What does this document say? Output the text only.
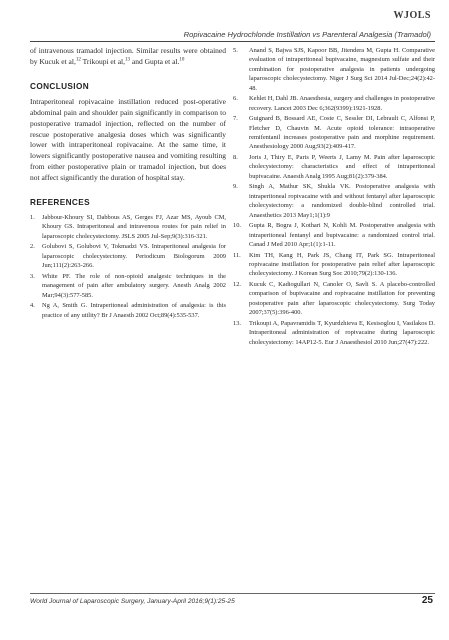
WJOLS
Ropivacaine Hydrochlonde Instillation vs Parenteral Analgesia (Tramadol)

of intravenous tramadol injection. Similar results were obtained by Kucuk et al,$^{12}$ Trikoupi et al,$^{13}$ and Gupta et al.$^{10}$

CONCLUSION

Intraperitoneal ropivacaine instillation reduced post-operative abdominal pain and shoulder pain significantly in comparison to postoperative tramadol injection, reflected on the number of rescue postoperative analgesia doses which was significantly lower with intraperitoneal ropivacaine. At the same time, it lowers significantly postoperative nausea and vomiting resulting from either postoperative plain or tramadol injection, but does not affect significantly the duration of hospital stay.

REFERENCES
1. Jabbour-Khoury SI, Dabbous AS, Gerges FJ, Azar MS, Ayoub CM, Khoury GS. Intraperitoneal and intravenous routes for pain relief in laparoscopic cholecystectomy. JSLS 2005 Jul-Sep;9(3):316-321.
2. Golubovi S, Golubovi V, Tokmadzi VS. Intraperitoneal analgesia for laparoscopic cholecystectomy. Periodicum Biologorum 2009 Jun;111(2):263-266.
3. White PF. The role of non-opioid analgesic techniques in the management of pain after ambulatory surgery. Anesth Analg 2002 Mar;94(3):577-585.
4. Ng A, Smith G. Intraperitoneal administration of analgesia: is this practice of any utility? Br J Anaesth 2002 Oct;89(4):535-537.
5. Anand S, Bajwa SJS, Kapoor BB, Jitendera M, Gupta H. Comparative evaluation of intraperitoneal bupivacaine, magnesium sulfate and their combination for postoperative analgesia in patients undergoing laparoscopic cholecystectomy. Niger J Surg Sci 2014 Jul-Dec;24(2):42-48.
6. Kehlet H, Dahl JB. Anaesthesia, surgery and challenges in postoperative recovery. Lancet 2003 Dec 6;362(9399):1921-1928.
7. Guignard B, Bossard AE, Coste C, Sessler DI, Lebrault C, Alfonsi P, Fletcher D, Chauvin M. Acute opioid tolerance: intraoperative remifentanil increases postoperative pain and morphine requirement. Anesthesiology 2000 Aug;93(2):409-417.
8. Joris J, Thiry E, Paris P, Weerts J, Lamy M. Pain after laparoscopic cholecystectomy: characteristics and effect of intraperitoneal bupivacaine. Anaesth Analg 1995 Aug;81(2):379-384.
9. Singh A, Mathur SK, Shukla VK. Postoperative analgesia with intraperitoneal ropivacaine with and without fentanyl after laparoscopic cholecystectomy: a randomized double-blind controlled trial. Anaesthetics 2013 May1;1(1):9
10. Gupta R, Bogra J, Kothari N, Kohli M. Postoperative analgesia with intraperitoneal fentanyl and bupivacaine: a randomized control trial. Canad J Med 2010 Apr;1(1):1-11.
11. Kim TH, Kang H, Park JS, Chang IT, Park SG. Intraperitoneal ropivacaine instillation for postoperative pain relief after laparoscopic cholecystectomy. J Korean Surg Soc 2010;79(2):130-136.
12. Kucuk C, Kadiogullari N, Canoler O, Savli S. A placebo-controlled comparison of bupivacaine and ropivacaine instillation for preventing postoperative pain after laparoscopic cholecystectomy. Surg Today 2007;37(5):396-400.
13. Trikoupi A, Papavramidis T, Kyurdzhieva E, Kesisoglou I, Vasilakos D. Intraperitoneal administration of ropivacaine during laparoscopic cholecystectomy: 14AP12-5. Eur J Anaesthesiol 2010 Jun;27(47):222.
World Journal of Laparoscopic Surgery, January-April 2016;9(1):25-25	25
